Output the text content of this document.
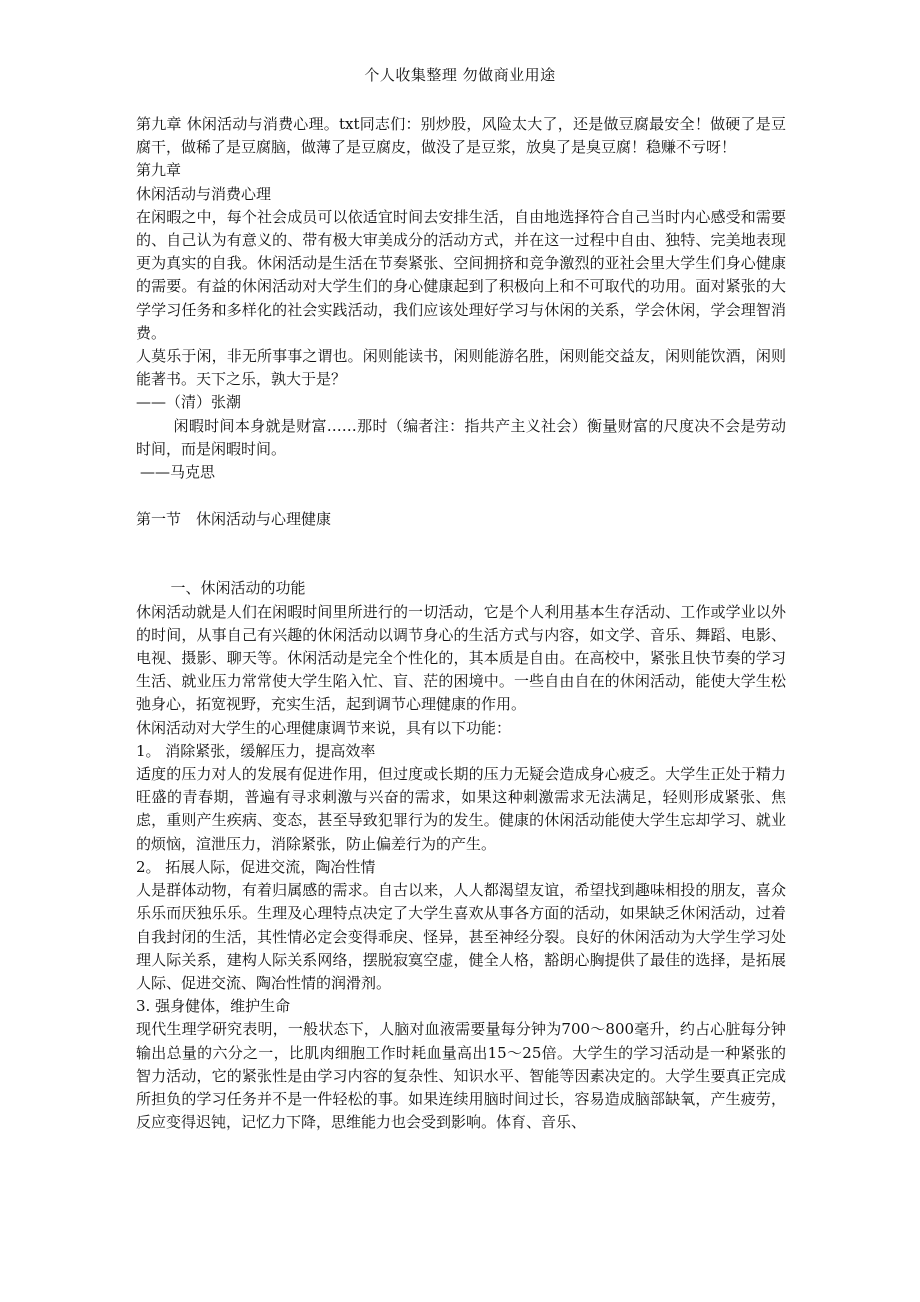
个人收集整理 勿做商业用途

第九章 休闲活动与消费心理。txt同志们：别炒股，风险太大了，还是做豆腐最安全！做硬了是豆腐干，做稀了是豆腐脑，做薄了是豆腐皮，做没了是豆浆，放臭了是臭豆腐！稳赚不亏呀！

第九章

休闲活动与消费心理

在闲暇之中，每个社会成员可以依适宜时间去安排生活，自由地选择符合自己当时内心感受和需要的、自己认为有意义的、带有极大审美成分的活动方式，并在这一过程中自由、独特、完美地表现更为真实的自我。休闲活动是生活在节奏紧张、空间拥挤和竞争激烈的亚社会里大学生们身心健康的需要。有益的休闲活动对大学生们的身心健康起到了积极向上和不可取代的功用。面对紧张的大学学习任务和多样化的社会实践活动，我们应该处理好学习与休闲的关系，学会休闲，学会理智消费。

人莫乐于闲，非无所事事之谓也。闲则能读书，闲则能游名胜，闲则能交益友，闲则能饮酒，闲则能著书。天下之乐，孰大于是？

——（清）张潮

闲暇时间本身就是财富……那时（编者注：指共产主义社会）衡量财富的尺度决不会是劳动时间，而是闲暇时间。

——马克思

第一节　休闲活动与心理健康

一、休闲活动的功能

休闲活动就是人们在闲暇时间里所进行的一切活动，它是个人利用基本生存活动、工作或学业以外的时间，从事自己有兴趣的休闲活动以调节身心的生活方式与内容，如文学、音乐、舞蹈、电影、电视、摄影、聊天等。休闲活动是完全个性化的，其本质是自由。在高校中，紧张且快节奏的学习生活、就业压力常常使大学生陷入忙、盲、茫的困境中。一些自由自在的休闲活动，能使大学生松弛身心，拓宽视野，充实生活，起到调节心理健康的作用。

休闲活动对大学生的心理健康调节来说，具有以下功能：

1。 消除紧张，缓解压力，提高效率

适度的压力对人的发展有促进作用，但过度或长期的压力无疑会造成身心疲乏。大学生正处于精力旺盛的青春期，普遍有寻求刺激与兴奋的需求，如果这种刺激需求无法满足，轻则形成紧张、焦虑，重则产生疾病、变态，甚至导致犯罪行为的发生。健康的休闲活动能使大学生忘却学习、就业的烦恼，渲泄压力，消除紧张，防止偏差行为的产生。

2。 拓展人际，促进交流，陶冶性情

人是群体动物，有着归属感的需求。自古以来，人人都渴望友谊，希望找到趣味相投的朋友，喜众乐乐而厌独乐乐。生理及心理特点决定了大学生喜欢从事各方面的活动，如果缺乏休闲活动，过着自我封闭的生活，其性情必定会变得乖戾、怪异，甚至神经分裂。良好的休闲活动为大学生学习处理人际关系，建构人际关系网络，摆脱寂寞空虚，健全人格，豁朗心胸提供了最佳的选择，是拓展人际、促进交流、陶冶性情的润滑剂。

3. 强身健体，维护生命

现代生理学研究表明，一般状态下，人脑对血液需要量每分钟为700～800毫升，约占心脏每分钟输出总量的六分之一，比肌肉细胞工作时耗血量高出15～25倍。大学生的学习活动是一种紧张的智力活动，它的紧张性是由学习内容的复杂性、知识水平、智能等因素决定的。大学生要真正完成所担负的学习任务并不是一件轻松的事。如果连续用脑时间过长，容易造成脑部缺氧，产生疲劳，反应变得迟钝，记忆力下降，思维能力也会受到影响。体育、音乐、
